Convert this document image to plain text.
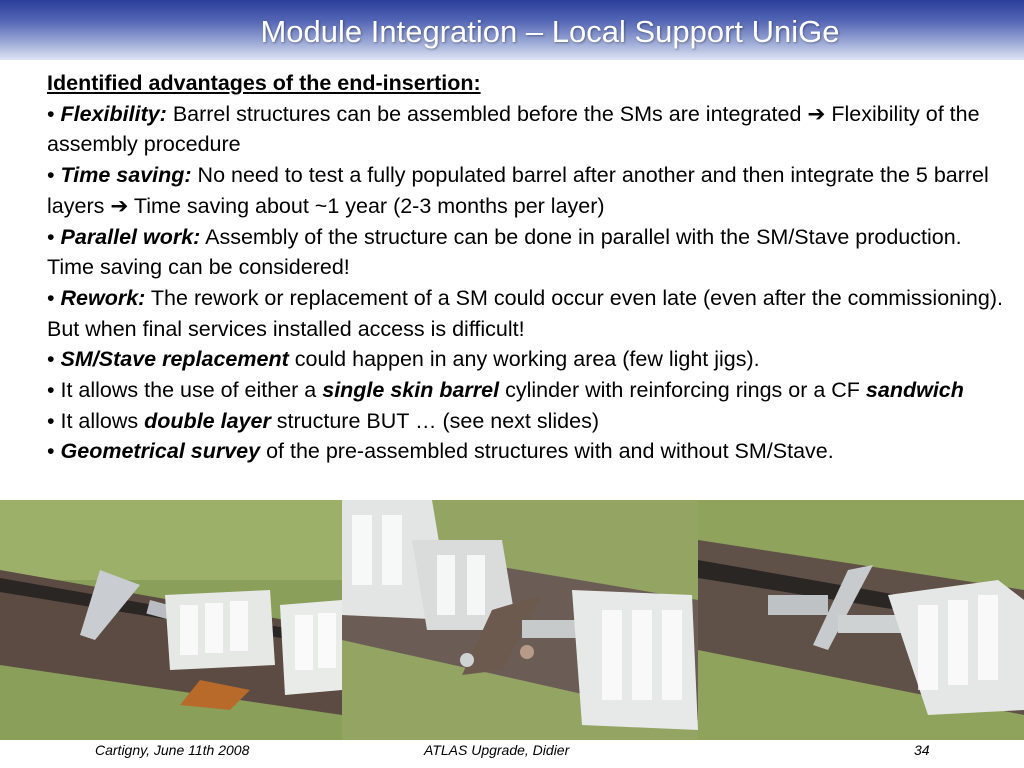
Module Integration – Local Support UniGe

Identified advantages of the end-insertion:

• Flexibility: Barrel structures can be assembled before the SMs are integrated ➔ Flexibility of the assembly procedure

• Time saving: No need to test a fully populated barrel after another and then integrate the 5 barrel layers ➔ Time saving about ~1 year (2-3 months per layer)

• Parallel work: Assembly of the structure can be done in parallel with the SM/Stave production. Time saving can be considered!

• Rework: The rework or replacement of a SM could occur even late (even after the commissioning). But when final services installed access is difficult!

• SM/Stave replacement could happen in any working area (few light jigs).

• It allows the use of either a single skin barrel cylinder with reinforcing rings or a CF sandwich

• It allows double layer structure BUT … (see next slides)

• Geometrical survey of the pre-assembled structures with and without SM/Stave.

Cartigny, June 11th 2008	ATLAS Upgrade, Didier	34
